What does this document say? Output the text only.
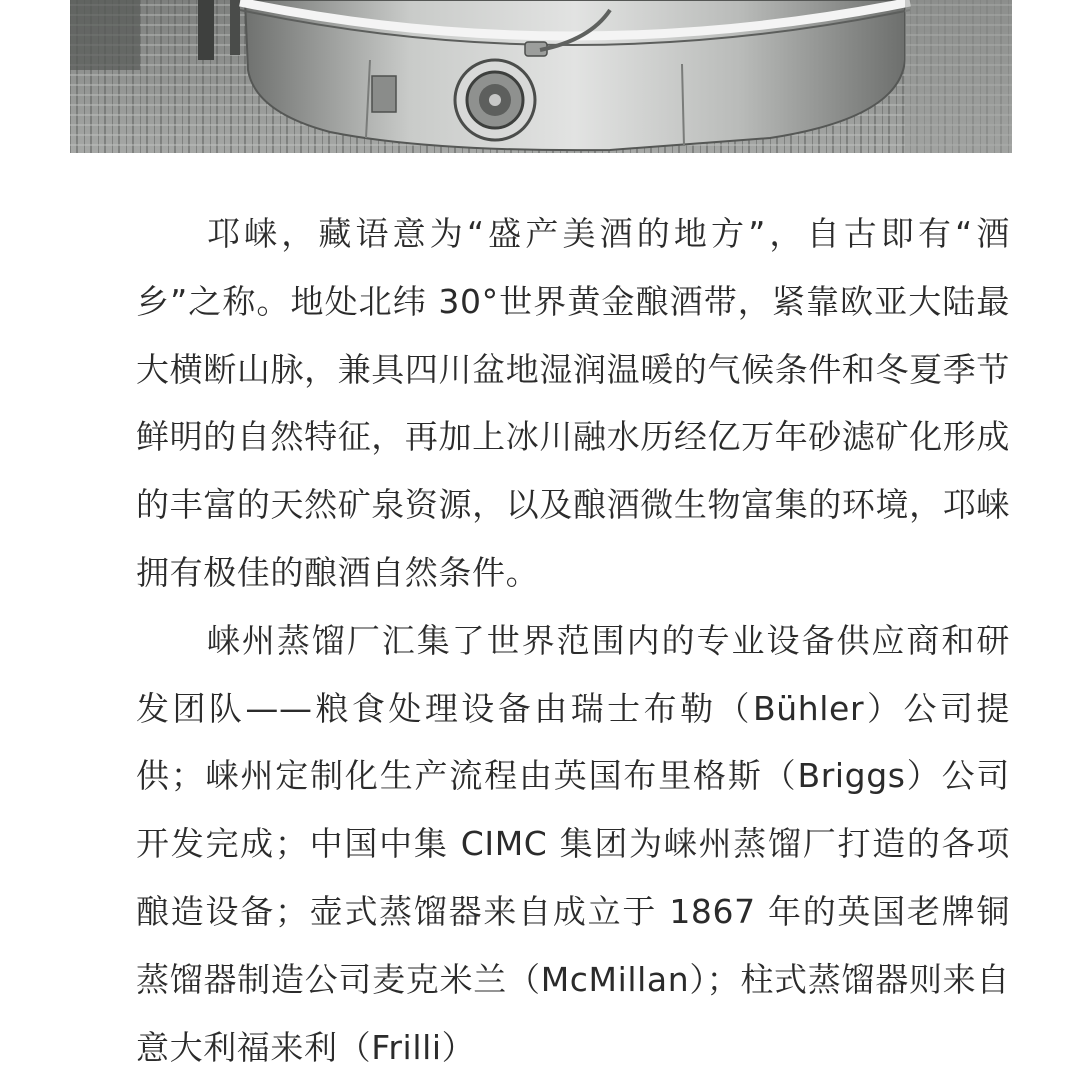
邛崃，藏语意为“盛产美酒的地方”，自古即有“酒乡”之称。地处北纬 30°世界黄金酿酒带，紧靠欧亚大陆最大横断山脉，兼具四川盆地湿润温暖的气候条件和冬夏季节鲜明的自然特征，再加上冰川融水历经亿万年砂滤矿化形成的丰富的天然矿泉资源，以及酿酒微生物富集的环境，邛崃拥有极佳的酿酒自然条件。

崃州蒸馏厂汇集了世界范围内的专业设备供应商和研发团队——粮食处理设备由瑞士布勒（Bühler）公司提供；崃州定制化生产流程由英国布里格斯（Briggs）公司开发完成；中国中集 CIMC 集团为崃州蒸馏厂打造的各项酿造设备；壶式蒸馏器来自成立于 1867 年的英国老牌铜蒸馏器制造公司麦克米兰（McMillan）；柱式蒸馏器则来自意大利福来利（Frilli）
